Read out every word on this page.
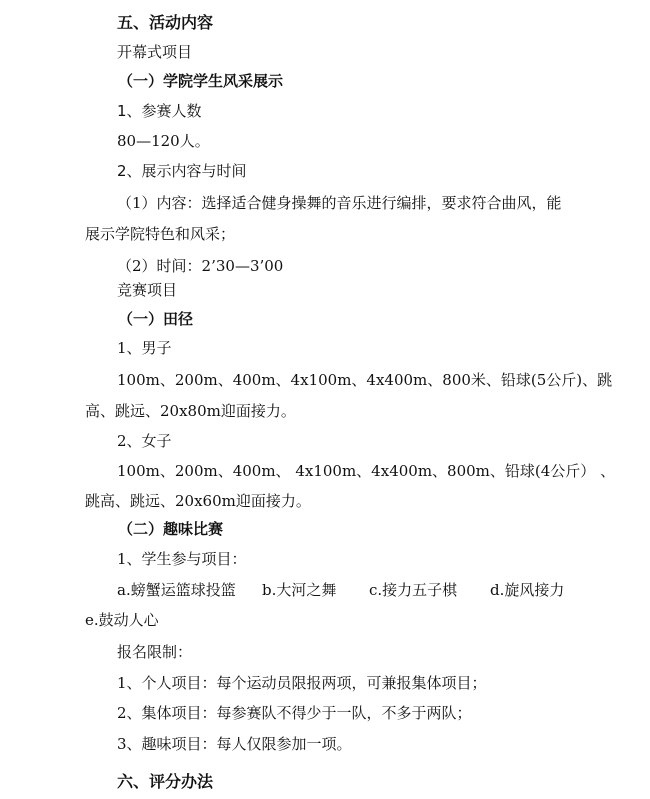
五、活动内容
开幕式项目
（一）学院学生风采展示
1、参赛人数
80—120人。
2、展示内容与时间
（1）内容：选择适合健身操舞的音乐进行编排，要求符合曲风，能
展示学院特色和风采；
（2）时间：2’30—3’00
竞赛项目
（一）田径
1、男子
100m、200m、400m、4x100m、4x400m、800米、铅球(5公斤)、跳
高、跳远、20x80m迎面接力。
2、女子
100m、200m、400m、 4x100m、4x400m、800m、铅球(4公斤） 、
跳高、跳远、20x60m迎面接力。
（二）趣味比赛
1、学生参与项目：
a.螃蟹运篮球投篮 b.大河之舞 c.接力五子棋 d.旋风接力
e.鼓动人心
报名限制：
1、个人项目：每个运动员限报两项，可兼报集体项目；
2、集体项目：每参赛队不得少于一队，不多于两队；
3、趣味项目：每人仅限参加一项。
六、评分办法
